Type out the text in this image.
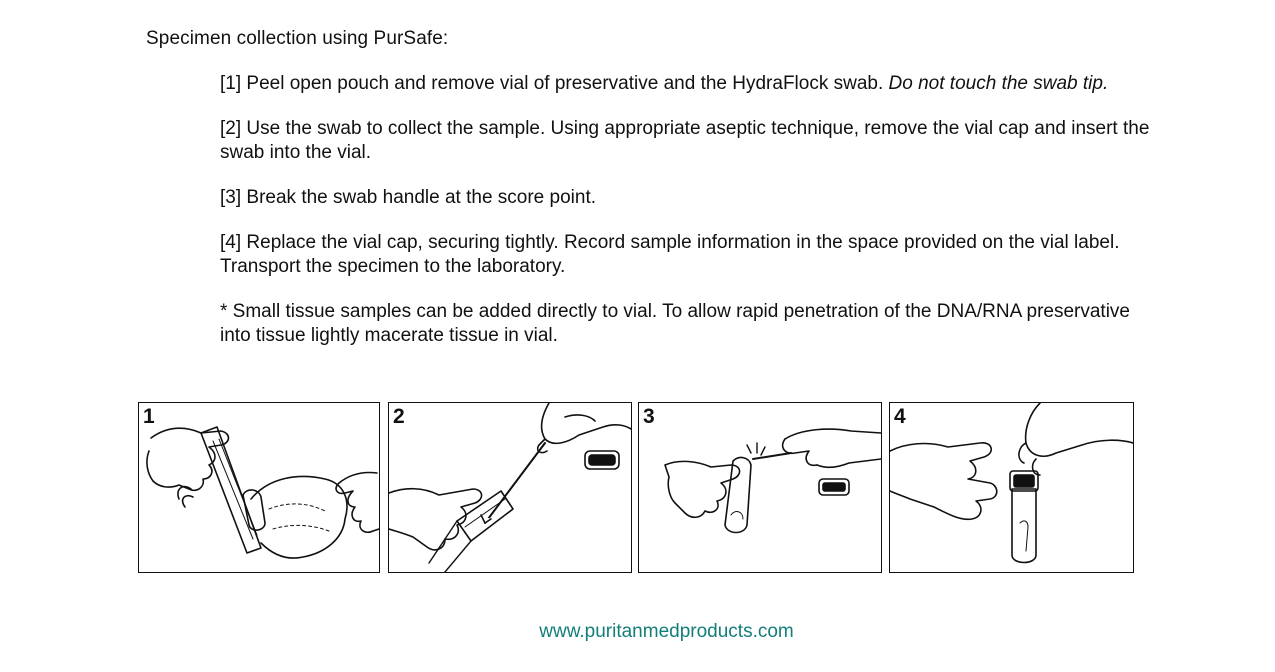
Specimen collection using PurSafe:

[1] Peel open pouch and remove vial of preservative and the HydraFlock swab. Do not touch the swab tip.

[2] Use the swab to collect the sample. Using appropriate aseptic technique, remove the vial cap and insert the swab into the vial.

[3] Break the swab handle at the score point.

[4] Replace the vial cap, securing tightly. Record sample information in the space provided on the vial label. Transport the specimen to the laboratory.

* Small tissue samples can be added directly to vial. To allow rapid penetration of the DNA/RNA preservative into tissue lightly macerate tissue in vial.

1	2	3	4
www.puritanmedproducts.com
